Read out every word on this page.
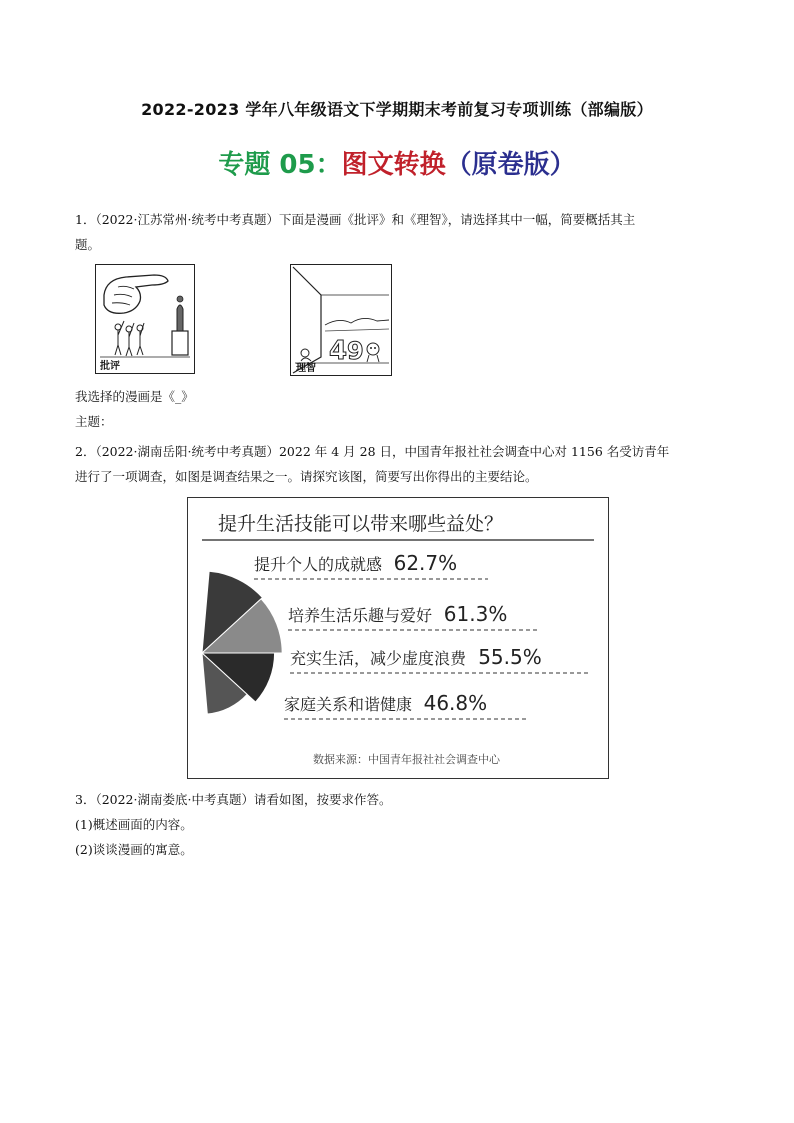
2022-2023 学年八年级语文下学期期末考前复习专项训练（部编版）
专题 05：图文转换（原卷版）
1．（2022·江苏常州·统考中考真题）下面是漫画《批评》和《理智》，请选择其中一幅，简要概括其主
题。
批评
4 9
理智
我选择的漫画是《_》
主题：
2．（2022·湖南岳阳·统考中考真题）2022 年 4 月 28 日，中国青年报社社会调查中心对 1156 名受访青年
进行了一项调查，如图是调查结果之一。请探究该图，简要写出你得出的主要结论。
提升生活技能可以带来哪些益处？
提升个人的成就感 62.7%
培养生活乐趣与爱好 61.3%
充实生活，减少虚度浪费 55.5%
家庭关系和谐健康 46.8%
数据来源：中国青年报社社会调查中心
3．（2022·湖南娄底·中考真题）请看如图，按要求作答。
(1)概述画面的内容。
(2)谈谈漫画的寓意。
